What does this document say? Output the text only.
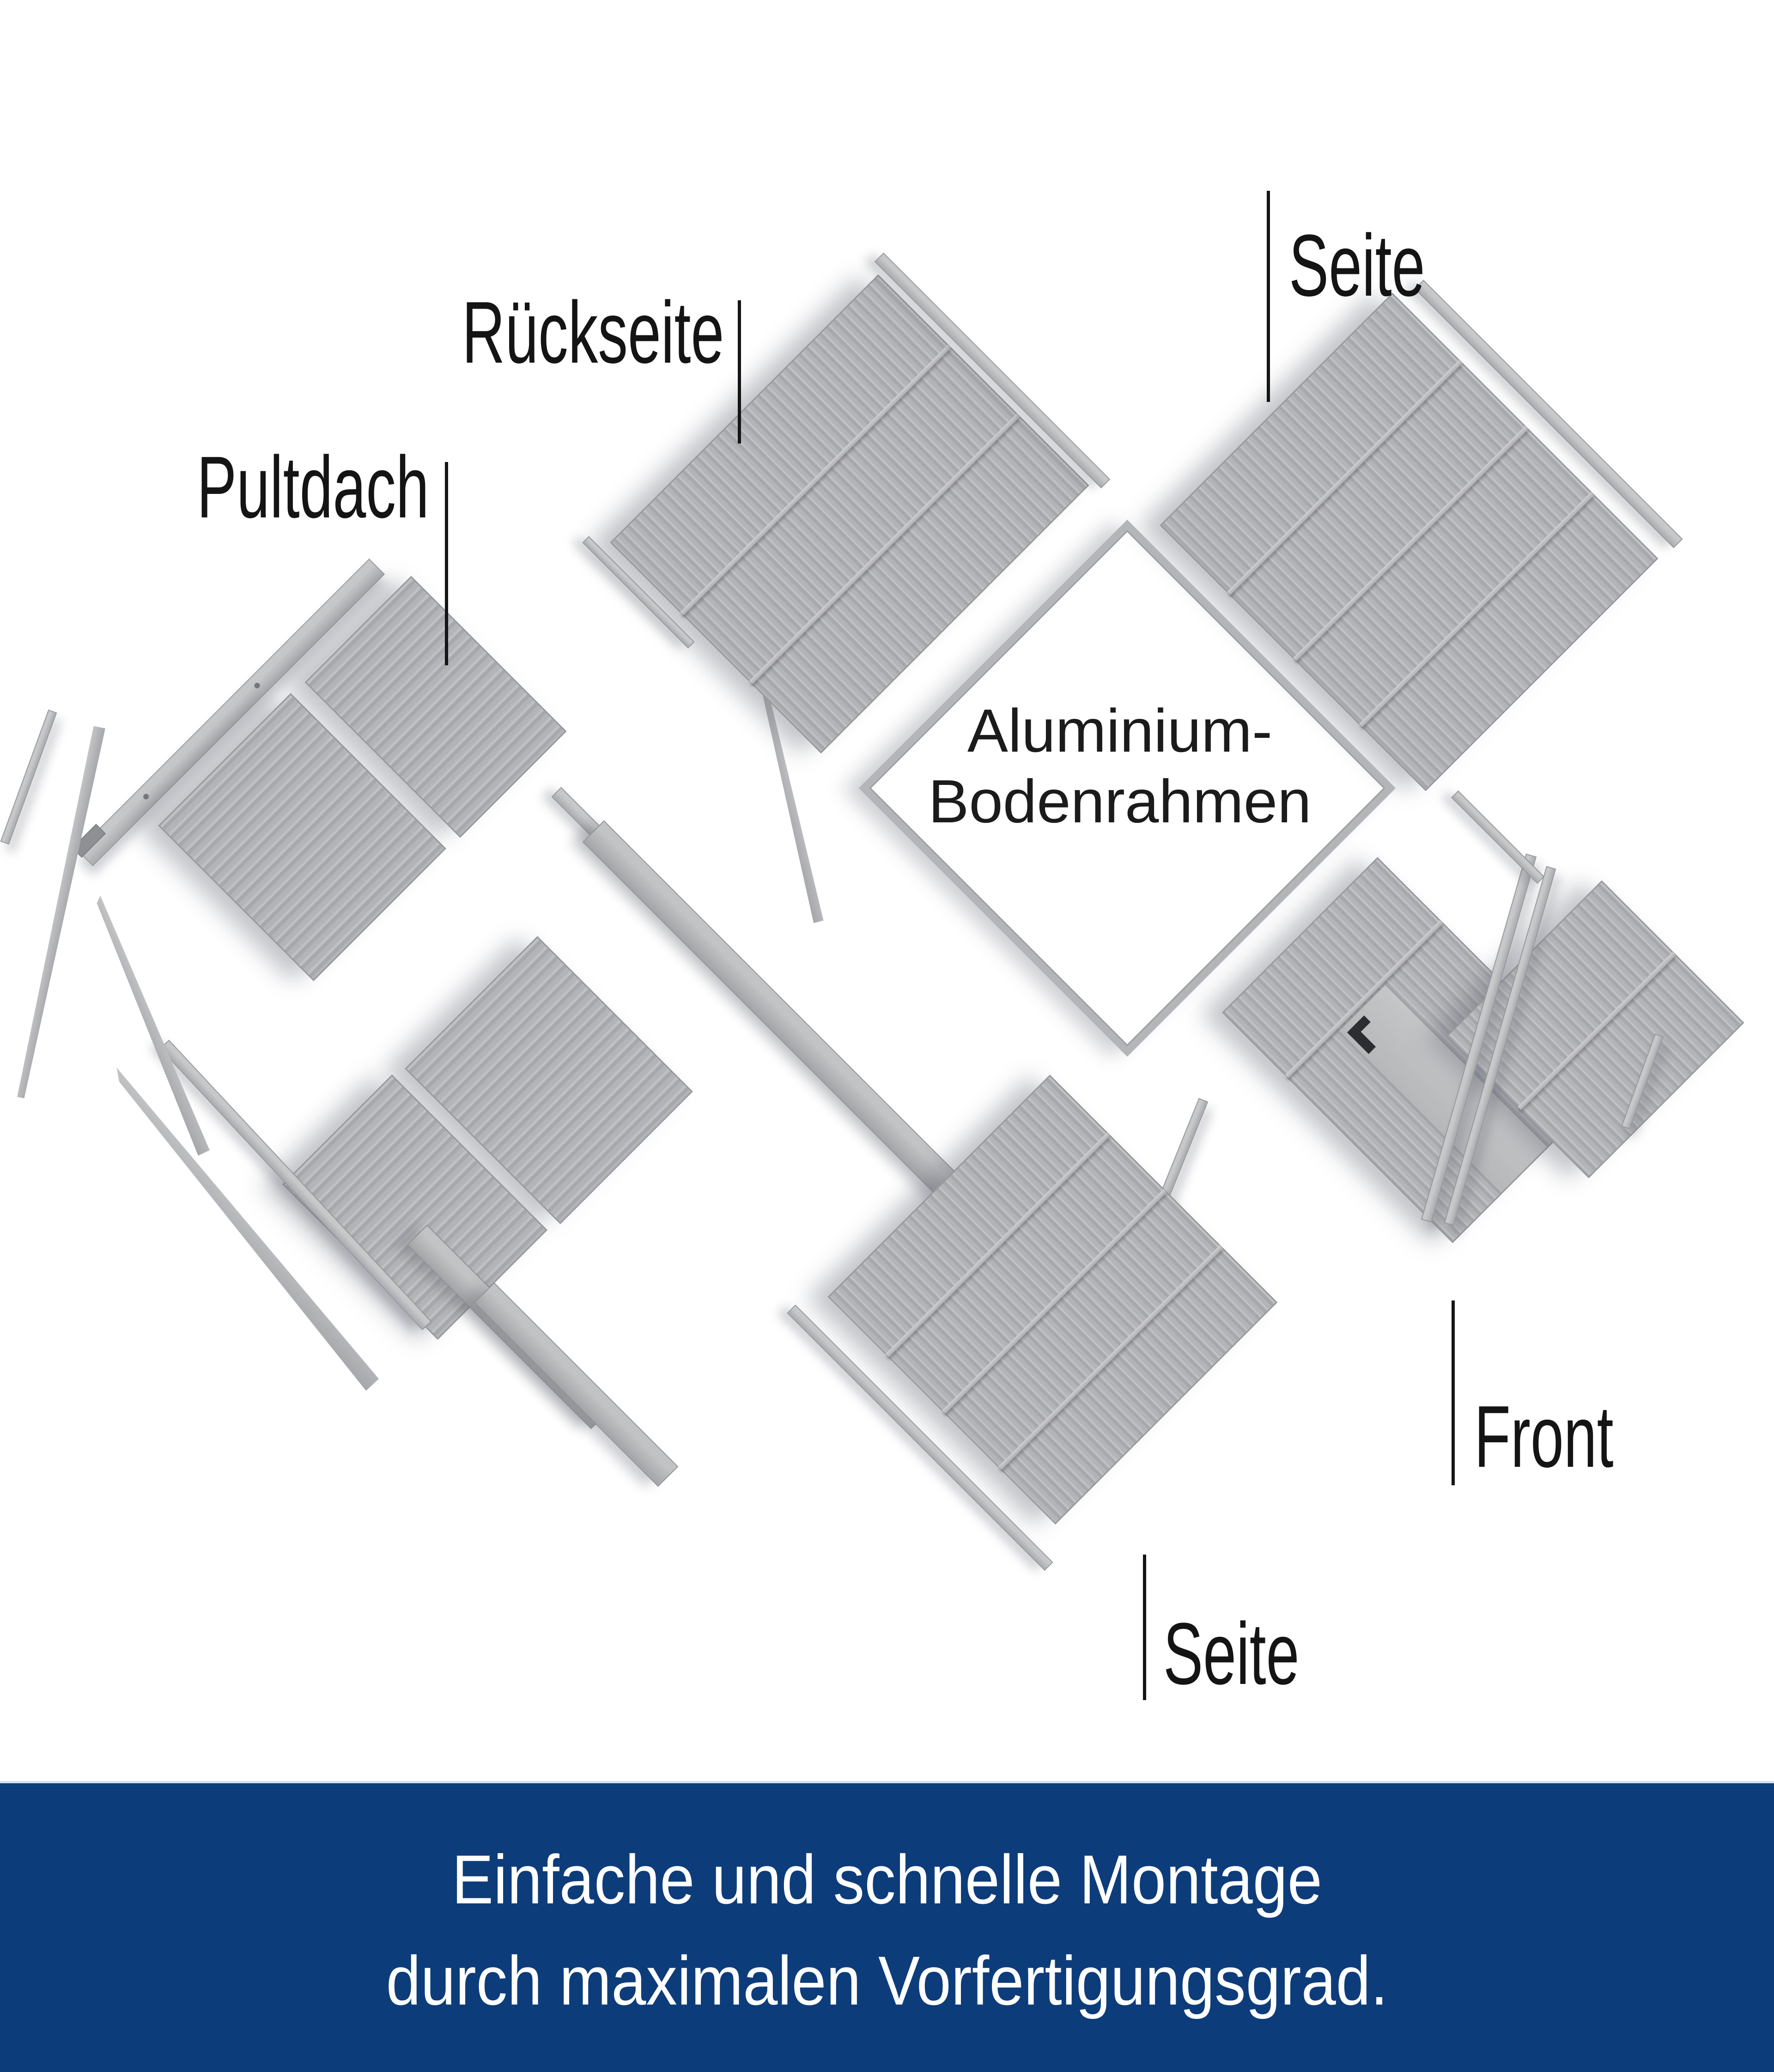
Seite
Rückseite
Pultdach
Aluminium-
Bodenrahmen
Front
Seite
Einfache und schnelle Montage
durch maximalen Vorfertigungsgrad.
